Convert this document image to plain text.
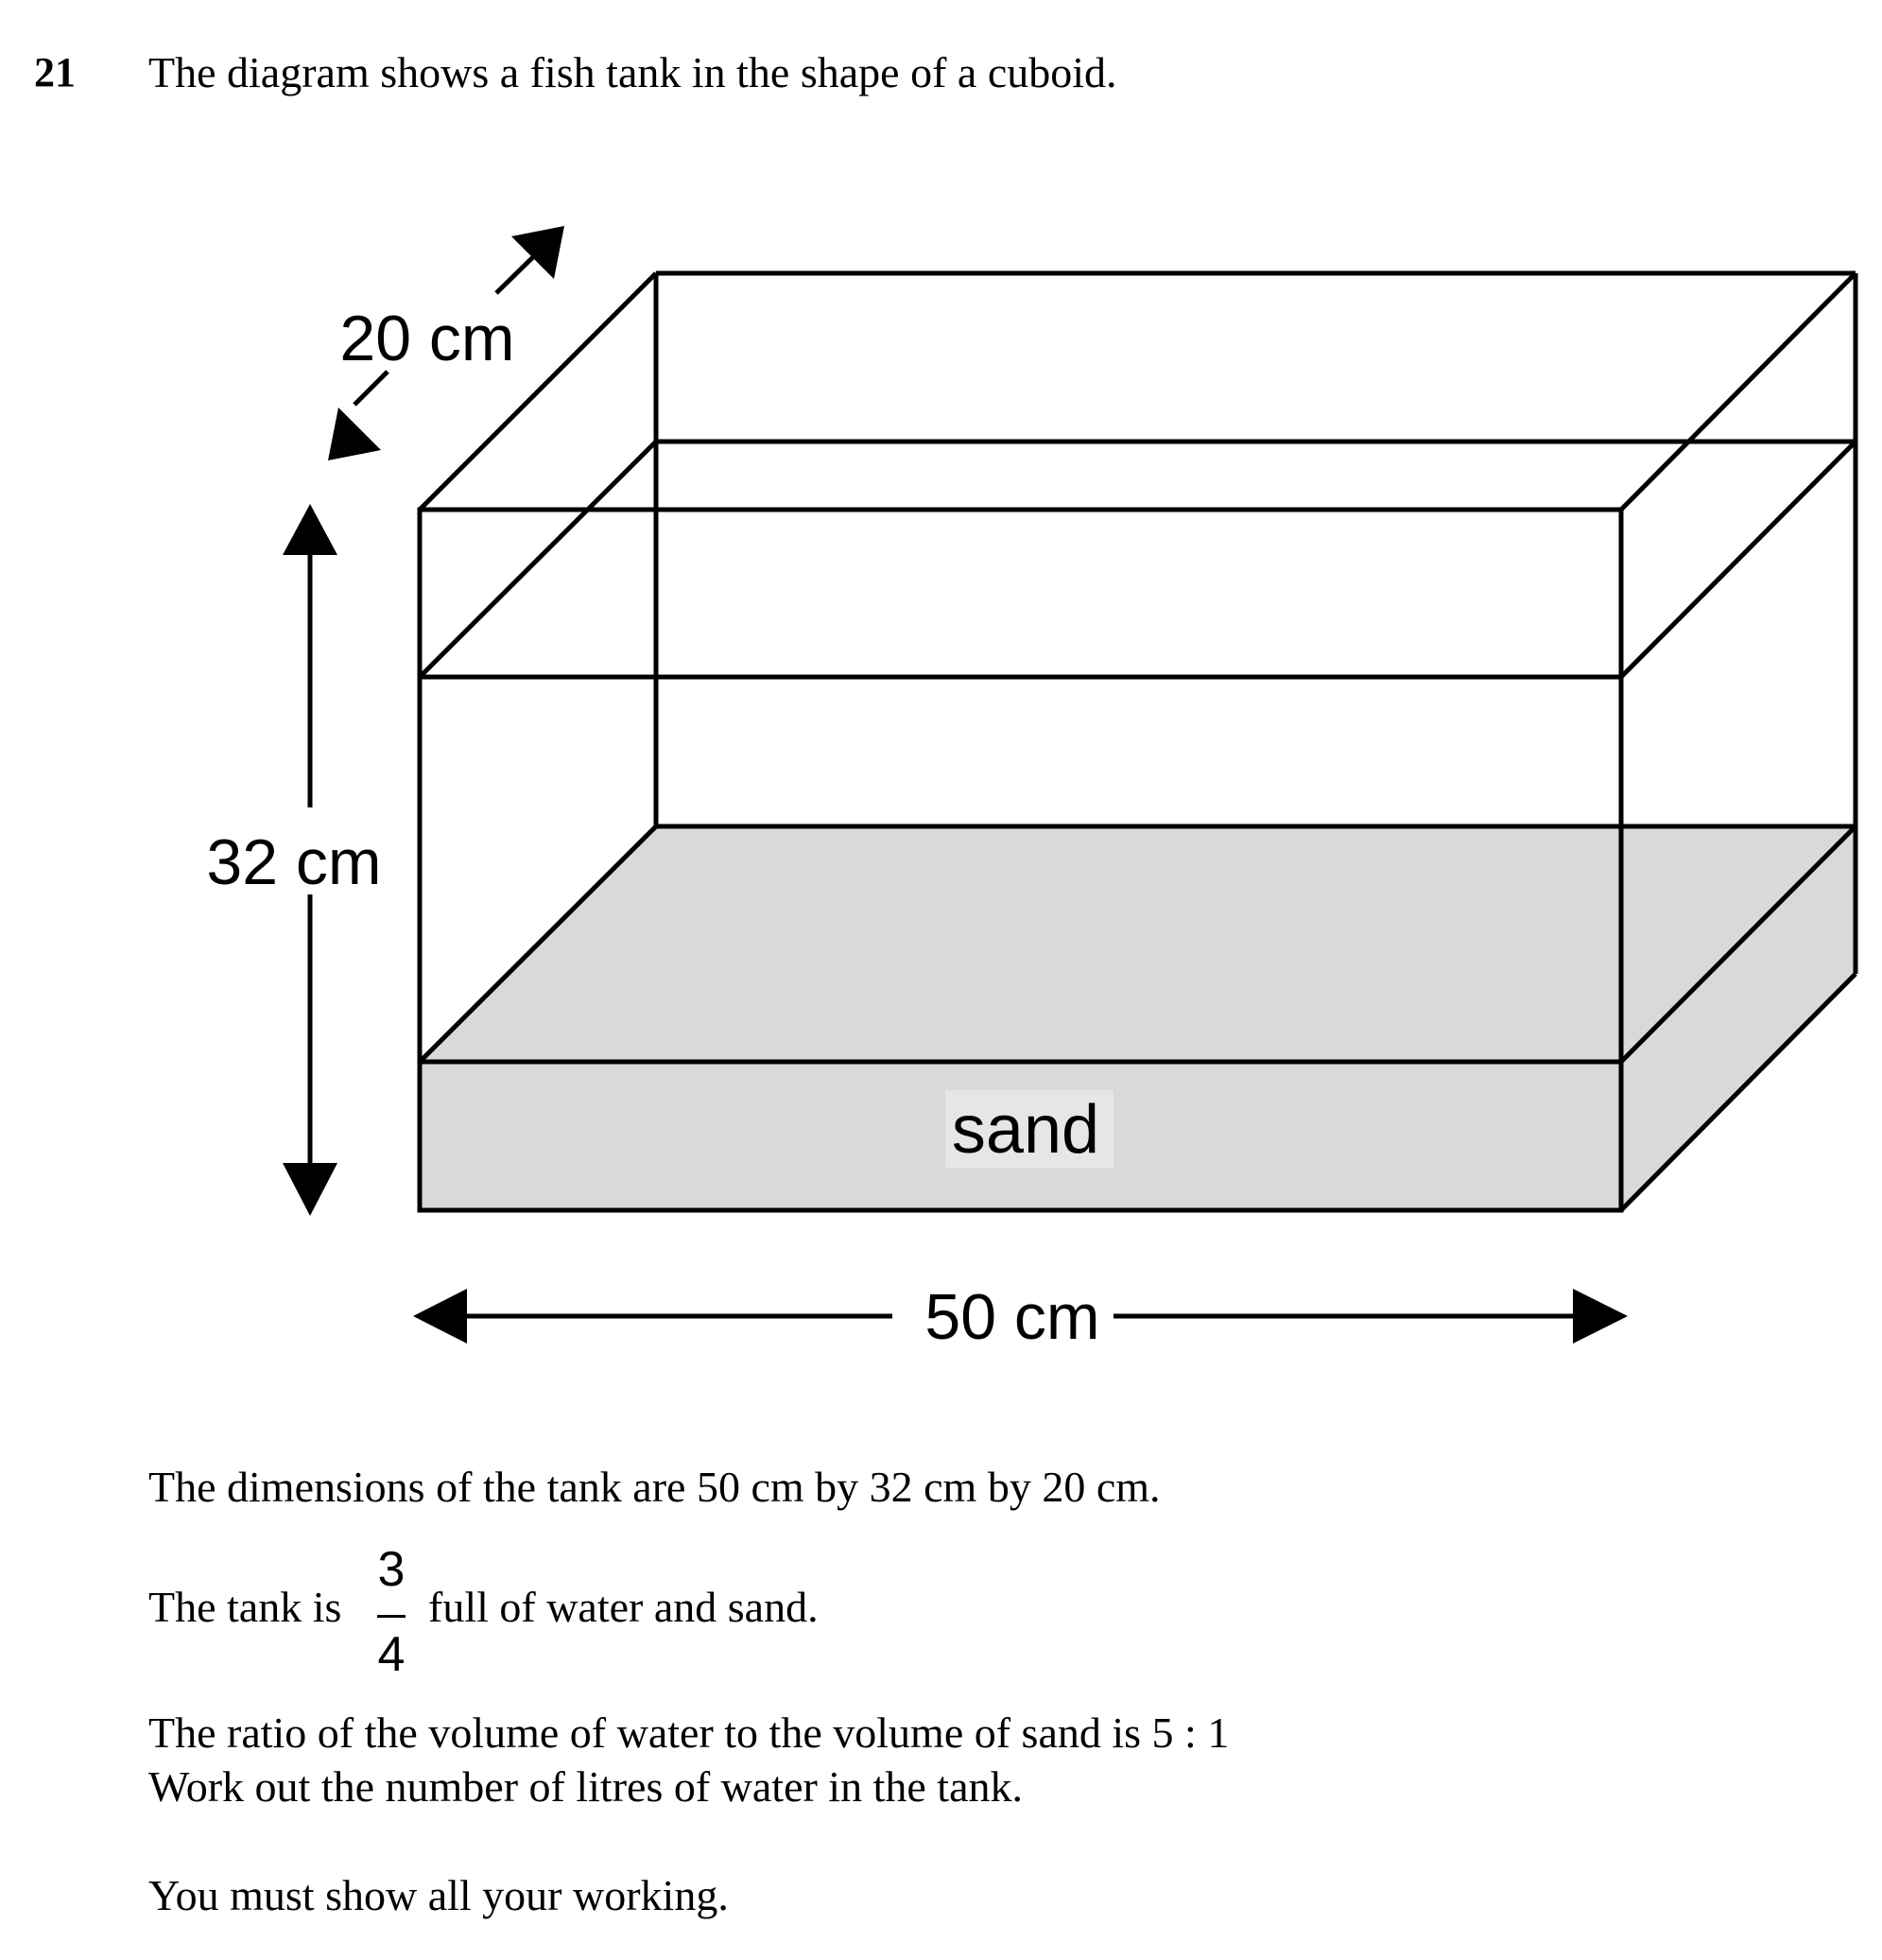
21 The diagram shows a fish tank in the shape of a cuboid.
sand
20 cm
32 cm
50 cm
The dimensions of the tank are 50 cm by 32 cm by 20 cm.
The tank is
3
4
full of water and sand.
The ratio of the volume of water to the volume of sand is 5 : 1
Work out the number of litres of water in the tank.
You must show all your working.
